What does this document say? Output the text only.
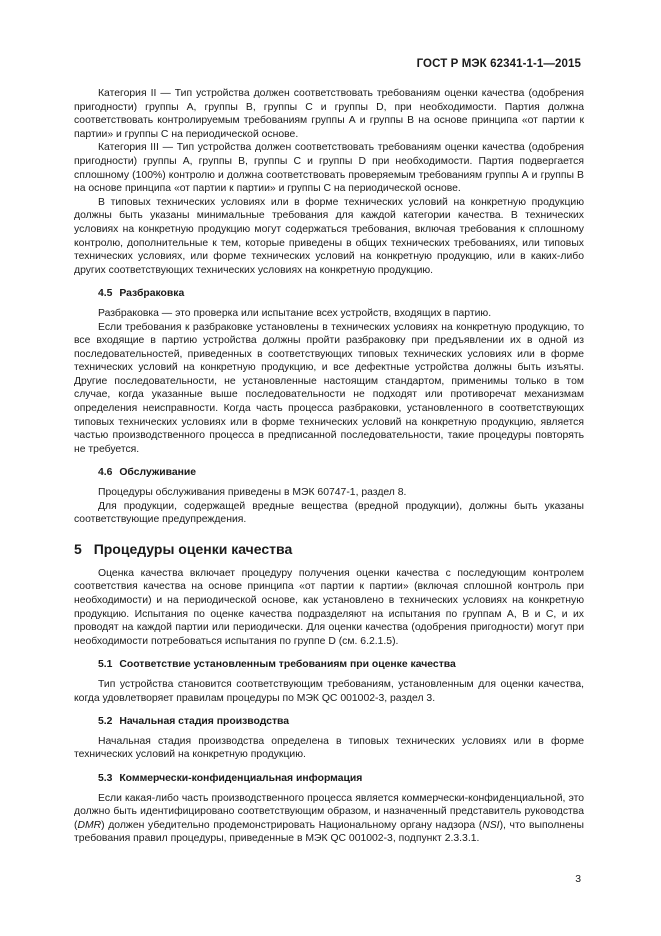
ГОСТ Р МЭК 62341-1-1—2015

Категория II — Тип устройства должен соответствовать требованиям оценки качества (одобрения пригодности) группы А, группы В, группы С и группы D, при необходимости. Партия должна соответствовать контролируемым требованиям группы А и группы В на основе принципа «от партии к партии» и группы С на периодической основе.

Категория III — Тип устройства должен соответствовать требованиям оценки качества (одобрения пригодности) группы А, группы В, группы С и группы D при необходимости. Партия подвергается сплошному (100%) контролю и должна соответствовать проверяемым требованиям группы А и группы В на основе принципа «от партии к партии» и группы С на периодической основе.

В типовых технических условиях или в форме технических условий на конкретную продукцию должны быть указаны минимальные требования для каждой категории качества. В технических условиях на конкретную продукцию могут содержаться требования, включая требования к сплошному контролю, дополнительные к тем, которые приведены в общих технических требованиях, или типовых технических условиях, или форме технических условий на конкретную продукцию, или в каких-либо других соответствующих технических условиях на конкретную продукцию.

4.5 Разбраковка

Разбраковка — это проверка или испытание всех устройств, входящих в партию.

Если требования к разбраковке установлены в технических условиях на конкретную продукцию, то все входящие в партию устройства должны пройти разбраковку при предъявлении их в одной из последовательностей, приведенных в соответствующих типовых технических условиях или в форме технических условий на конкретную продукцию, и все дефектные устройства должны быть изъяты. Другие последовательности, не установленные настоящим стандартом, применимы только в том случае, когда указанные выше последовательности не подходят или противоречат механизмам определения неисправности. Когда часть процесса разбраковки, установленного в соответствующих типовых технических условиях или в форме технических условий на конкретную продукцию, является частью производственного процесса в предписанной последовательности, такие процедуры повторять не требуется.

4.6 Обслуживание

Процедуры обслуживания приведены в МЭК 60747-1, раздел 8.

Для продукции, содержащей вредные вещества (вредной продукции), должны быть указаны соответствующие предупреждения.

5 Процедуры оценки качества

Оценка качества включает процедуру получения оценки качества с последующим контролем соответствия качества на основе принципа «от партии к партии» (включая сплошной контроль при необходимости) и на периодической основе, как установлено в технических условиях на конкретную продукцию. Испытания по оценке качества подразделяют на испытания по группам А, В и С, и их проводят на каждой партии или периодически. Для оценки качества (одобрения пригодности) могут при необходимости потребоваться испытания по группе D (см. 6.2.1.5).

5.1 Соответствие установленным требованиям при оценке качества

Тип устройства становится соответствующим требованиям, установленным для оценки качества, когда удовлетворяет правилам процедуры по МЭК QC 001002-3, раздел 3.

5.2 Начальная стадия производства

Начальная стадия производства определена в типовых технических условиях или в форме технических условий на конкретную продукцию.

5.3 Коммерчески-конфиденциальная информация

Если какая-либо часть производственного процесса является коммерчески-конфиденциальной, это должно быть идентифицировано соответствующим образом, и назначенный представитель руководства (DMR) должен убедительно продемонстрировать Национальному органу надзора (NSI), что выполнены требования правил процедуры, приведенные в МЭК QC 001002-3, подпункт 2.3.3.1.

3
